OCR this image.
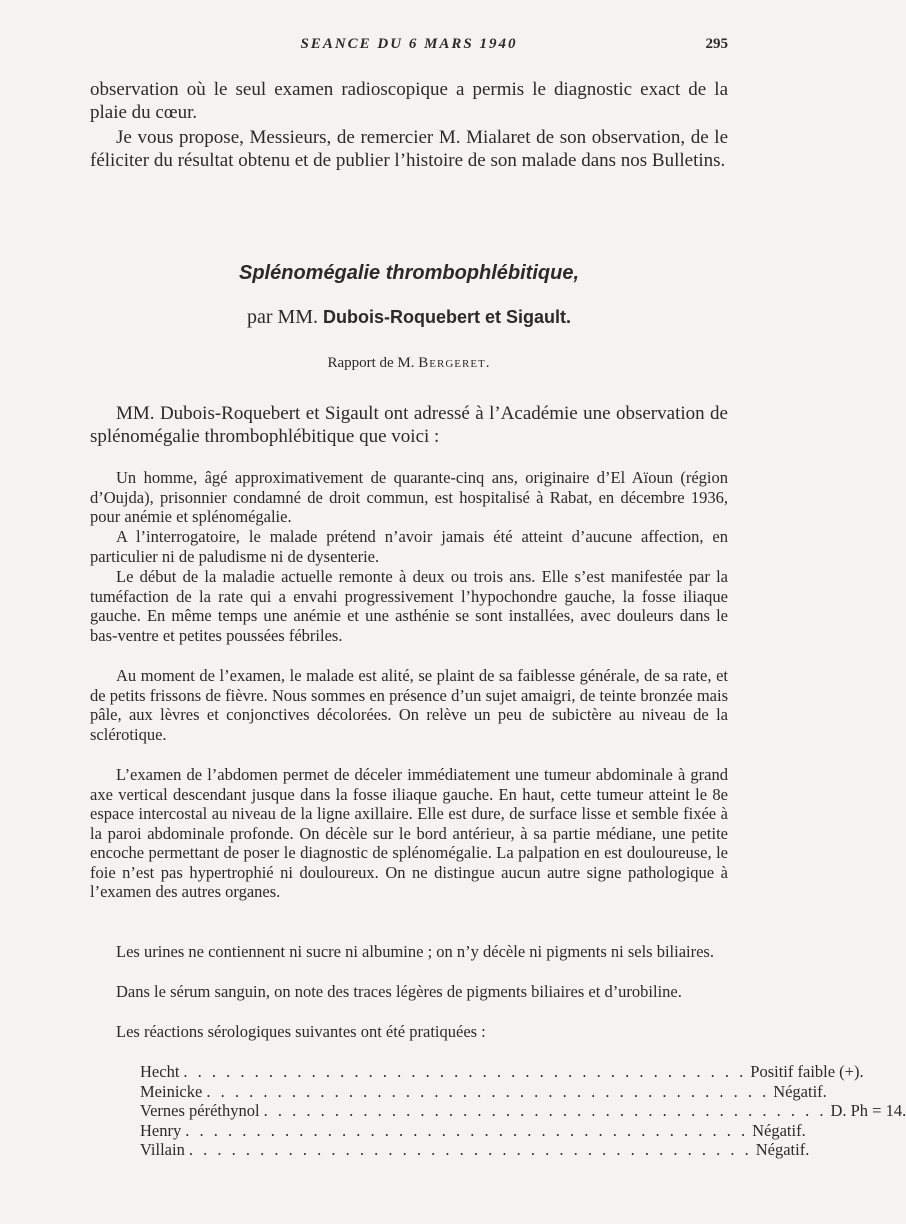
SEANCE DU 6 MARS 1940	295
observation où le seul examen radioscopique a permis le diagnostic exact de la plaie du cœur.
Je vous propose, Messieurs, de remercier M. Mialaret de son observation, de le féliciter du résultat obtenu et de publier l’histoire de son malade dans nos Bulletins.
Splénomégalie thrombophlébitique,
par MM. Dubois-Roquebert et Sigault.
Rapport de M. Bergeret.
MM. Dubois-Roquebert et Sigault ont adressé à l’Académie une observation de splénomégalie thrombophlébitique que voici :
Un homme, âgé approximativement de quarante-cinq ans, originaire d’El Aïoun (région d’Oujda), prisonnier condamné de droit commun, est hospitalisé à Rabat, en décembre 1936, pour anémie et splénomégalie.
A l’interrogatoire, le malade prétend n’avoir jamais été atteint d’aucune affection, en particulier ni de paludisme ni de dysenterie.
Le début de la maladie actuelle remonte à deux ou trois ans. Elle s’est manifestée par la tuméfaction de la rate qui a envahi progressivement l’hypochondre gauche, la fosse iliaque gauche. En même temps une anémie et une asthénie se sont installées, avec douleurs dans le bas-ventre et petites poussées fébriles.
Au moment de l’examen, le malade est alité, se plaint de sa faiblesse générale, de sa rate, et de petits frissons de fièvre. Nous sommes en présence d’un sujet amaigri, de teinte bronzée mais pâle, aux lèvres et conjonctives décolorées. On relève un peu de subictère au niveau de la sclérotique.
L’examen de l’abdomen permet de déceler immédiatement une tumeur abdominale à grand axe vertical descendant jusque dans la fosse iliaque gauche. En haut, cette tumeur atteint le 8e espace intercostal au niveau de la ligne axillaire. Elle est dure, de surface lisse et semble fixée à la paroi abdominale profonde. On décèle sur le bord antérieur, à sa partie médiane, une petite encoche permettant de poser le diagnostic de splénomégalie. La palpation en est douloureuse, le foie n’est pas hypertrophié ni douloureux. On ne distingue aucun autre signe pathologique à l’examen des autres organes.
Les urines ne contiennent ni sucre ni albumine ; on n’y décèle ni pigments ni sels biliaires.
Dans le sérum sanguin, on note des traces légères de pigments biliaires et d’urobiline.
Les réactions sérologiques suivantes ont été pratiquées :
Hecht . . . . . . . . . . . . . . . . . . . . . . . . . . . . . . . . . . . . . . . . Positif faible (+).
Meinicke . . . . . . . . . . . . . . . . . . . . . . . . . . . . . . . . . . . . . . . . Négatif.
Vernes péréthynol . . . . . . . . . . . . . . . . . . . . . . . . . . . . . . . . . . . . . . . . D. Ph = 14.
Henry . . . . . . . . . . . . . . . . . . . . . . . . . . . . . . . . . . . . . . . . Négatif.
Villain . . . . . . . . . . . . . . . . . . . . . . . . . . . . . . . . . . . . . . . . Négatif.
